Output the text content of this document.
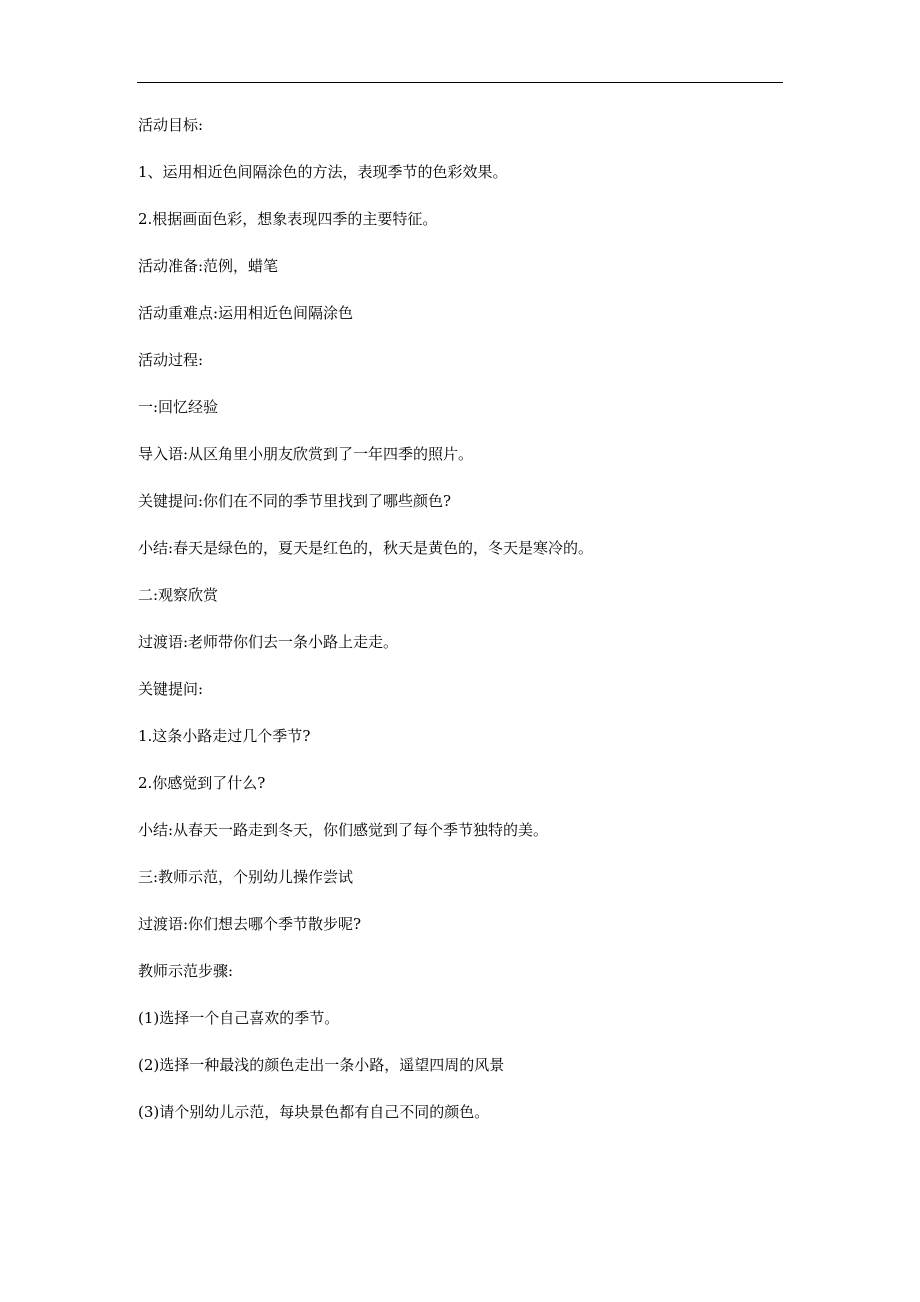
活动目标:
1、运用相近色间隔涂色的方法，表现季节的色彩效果。
2.根据画面色彩，想象表现四季的主要特征。
活动准备:范例，蜡笔
活动重难点:运用相近色间隔涂色
活动过程:
一:回忆经验
导入语:从区角里小朋友欣赏到了一年四季的照片。
关键提问:你们在不同的季节里找到了哪些颜色?
小结:春天是绿色的，夏天是红色的，秋天是黄色的，冬天是寒冷的。
二:观察欣赏
过渡语:老师带你们去一条小路上走走。
关键提问:
1.这条小路走过几个季节?
2.你感觉到了什么?
小结:从春天一路走到冬天，你们感觉到了每个季节独特的美。
三:教师示范，个别幼儿操作尝试
过渡语:你们想去哪个季节散步呢?
教师示范步骤:
(1)选择一个自己喜欢的季节。
(2)选择一种最浅的颜色走出一条小路，遥望四周的风景
(3)请个别幼儿示范，每块景色都有自己不同的颜色。
